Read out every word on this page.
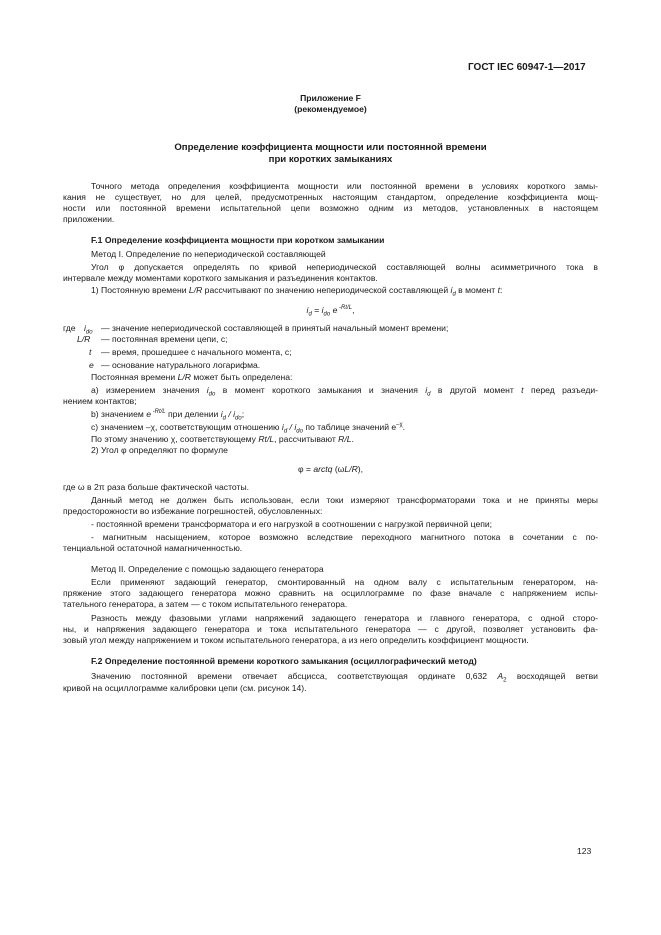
ГОСТ IEC 60947-1—2017
Приложение F
(рекомендуемое)
Определение коэффициента мощности или постоянной времени
при коротких замыканиях
Точного метода определения коэффициента мощности или постоянной времени в условиях короткого замы-
кания не существует, но для целей, предусмотренных настоящим стандартом, определение коэффициента мощ-
ности или постоянной времени испытательной цепи возможно одним из методов, установленных в настоящем
приложении.
F.1 Определение коэффициента мощности при коротком замыкании
Метод I. Определение по непериодической составляющей
Угол φ допускается определять по кривой непериодической составляющей волны асимметричного тока в
интервале между моментами короткого замыкания и разъединения контактов.
1) Постоянную времени L/R рассчитывают по значению непериодической составляющей $i_d$ в момент t:
$i_d = i_{do}$ e $^{-Rt/L}$,
где $i_{do}$ — значение непериодической составляющей в принятый начальный момент времени;
L/R — постоянная времени цепи, с;
t — время, прошедшее с начального момента, с;
e — основание натурального логарифма.
Постоянная времени L/R может быть определена:
a) измерением значения $i_{do}$ в момент короткого замыкания и значения $i_d$ в другой момент t перед разъеди-
нением контактов;
b) значением e $^{-Rt/L}$ при делении $i_d / i_{do}$;
c) значением –χ, соответствующим отношению $i_d / i_{do}$ по таблице значений $e^{-\chi}$.
По этому значению χ, соответствующему Rt/L, рассчитывают R/L.
2) Угол φ определяют по формуле
φ = arctq (ωL/R),
где ω в 2π раза больше фактической частоты.
Данный метод не должен быть использован, если токи измеряют трансформаторами тока и не приняты меры
предосторожности во избежание погрешностей, обусловленных:
- постоянной времени трансформатора и его нагрузкой в соотношении с нагрузкой первичной цепи;
- магнитным насыщением, которое возможно вследствие переходного магнитного потока в сочетании с по-
тенциальной остаточной намагниченностью.
Метод II. Определение с помощью задающего генератора
Если применяют задающий генератор, смонтированный на одном валу с испытательным генератором, на-
пряжение этого задающего генератора можно сравнить на осциллограмме по фазе вначале с напряжением испы-
тательного генератора, а затем — с током испытательного генератора.
Разность между фазовыми углами напряжений задающего генератора и главного генератора, с одной сторо-
ны, и напряжения задающего генератора и тока испытательного генератора — с другой, позволяет установить фа-
зовый угол между напряжением и током испытательного генератора, а из него определить коэффициент мощности.
F.2 Определение постоянной времени короткого замыкания (осциллографический метод)
Значению постоянной времени отвечает абсцисса, соответствующая ординате 0,632 $A_2$ восходящей ветви
кривой на осциллограмме калибровки цепи (см. рисунок 14).
123
